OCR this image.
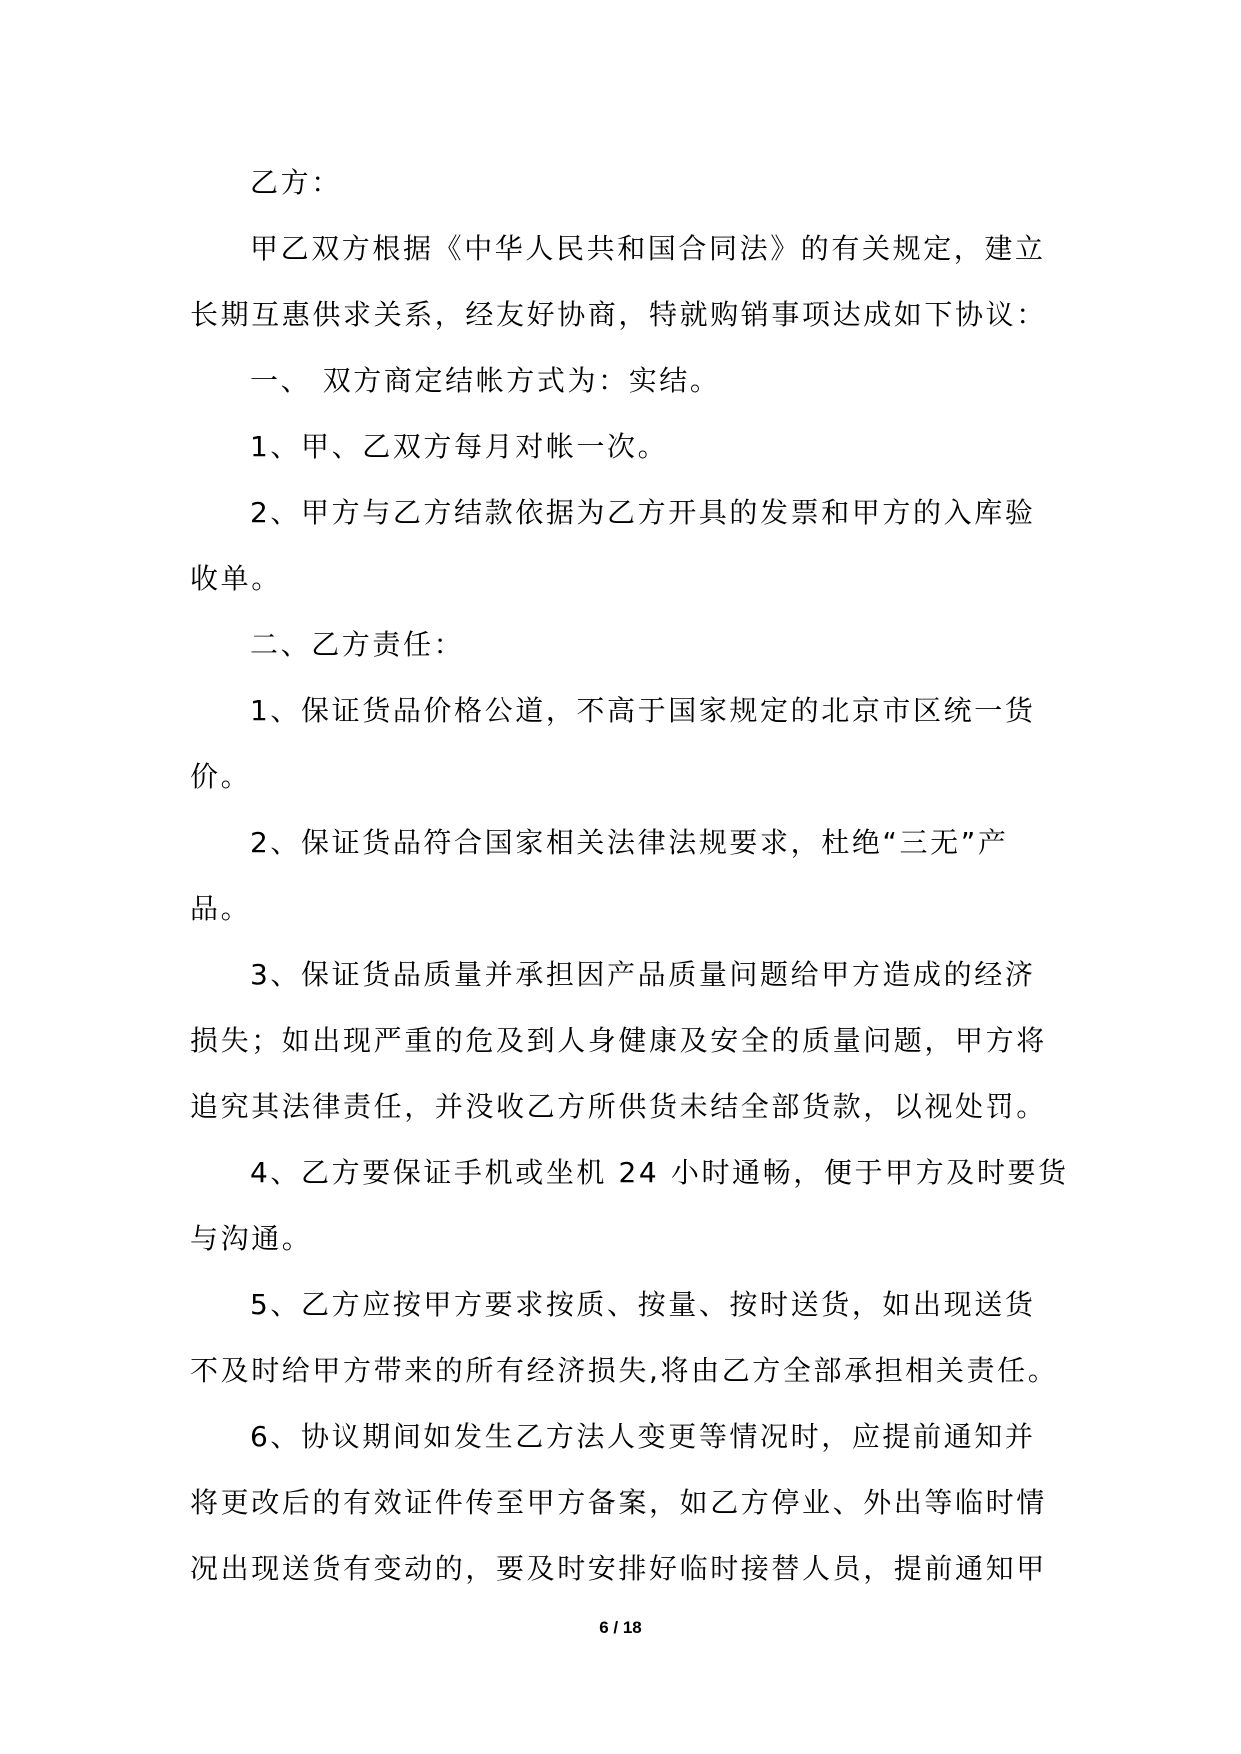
乙方：
甲乙双方根据《中华人民共和国合同法》的有关规定，建立
长期互惠供求关系，经友好协商，特就购销事项达成如下协议：
一、 双方商定结帐方式为：实结。
1、甲、乙双方每月对帐一次。
2、甲方与乙方结款依据为乙方开具的发票和甲方的入库验
收单。
二、乙方责任：
1、保证货品价格公道，不高于国家规定的北京市区统一货
价。
2、保证货品符合国家相关法律法规要求，杜绝“三无”产
品。
3、保证货品质量并承担因产品质量问题给甲方造成的经济
损失；如出现严重的危及到人身健康及安全的质量问题，甲方将
追究其法律责任，并没收乙方所供货未结全部货款，以视处罚。
4、乙方要保证手机或坐机 24 小时通畅，便于甲方及时要货
与沟通。
5、乙方应按甲方要求按质、按量、按时送货，如出现送货
不及时给甲方带来的所有经济损失,将由乙方全部承担相关责任。
6、协议期间如发生乙方法人变更等情况时，应提前通知并
将更改后的有效证件传至甲方备案，如乙方停业、外出等临时情
况出现送货有变动的，要及时安排好临时接替人员，提前通知甲
6 / 18
